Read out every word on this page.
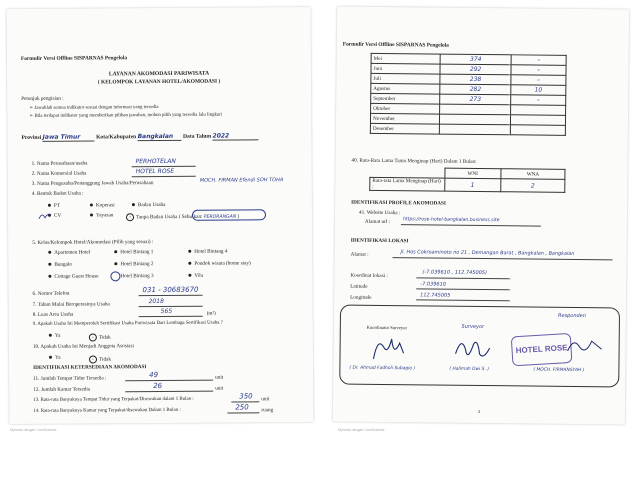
Formulir Versi Offline SISPARNAS Pengelola
LAYANAN AKOMODASI PARIWISATA
( KELOMPOK LAYANAN HOTEL/AKOMODASI )
Petunjuk pengisian :
➢ Jawablah semua indikator sesuai dengan informasi yang tersedia
➢ Bila terdapat indikator yang memberikan pilihan jawaban, mohon pilih yang tersedia lalu lingkari
Provinsi Jawa Timur	Kota/Kabupaten Bangkalan Data Tahun 2022
1. Nama Perusahaan/usaha	PERHOTELAN
2. Nama Komersial Usaha	HOTEL ROSE
3. Nama Pengusaha/Penanggung Jawab Usaha/Perusahaan	MOCH. FIRMAN Efendi SOH TOHA
4. Bentuk Badan Usaha :
PT	Koperasi	Badan Usaha
CV	Yayasan	• Tanpa Badan Usaha ( Sebutkan: PERORANGAN )
5. Kelas/Kelompok Hotel/Akomodasi (Pilih yang sesuai) :
Apartemen Hotel	Hotel Bintang 1	Hotel Bintang 4
Bungalo	Hotel Bintang 2	Pondok wisata (home stay)
Cottage Guest House	Hotel Bintang 3	Vila
6. Nomor Telefon	031 - 30683670
7. Tahun Mulai Beroperasinya Usaha	2018
8. Luas Area Usaha	565	(m²)
9. Apakah Usaha Ini Memperoleh Sertifikasi Usaha Pariwisata Dari Lembaga Sertifikasi Usaha ?
Ya	• Tidak
10. Apakah Usaha Ini Menjadi Anggota Asosiasi
Ya	• Tidak
IDENTIFIKASI KETERSEDIAAN AKOMODASI
11. Jumlah Tempat Tidur Tersedia :	49	unit
12. Jumlah Kamar Tersedia	26	unit
13. Rata-rata Banyaknya Tempat Tidur yang Terpakai/Disewakan dalam 1 Bulan :	350 unit
14. Rata-rata Banyaknya Kamar yang Terpakai/disewakan Dalam 1 Bulan :	250 ruang
Dipindai dengan CamScanner
Formulir Versi Offline SISPARNAS Pengelola
Mei	374	–
Juni	292	–
Juli	238	–
Agustus	282	10
September	273	–
Oktober		
November		
Desember		
40. Rata-Rata Lama Tamu Menginap (Hari) Dalam 1 Bulan:
	WNI	WNA
Rata-rata Lama Menginap (Hari) :	1	2
IDENTIFIKASI PROFILE AKOMODASI
41. Website Usaha :
Alamat url :	https://rose-hotel-bangkalan.business.site
IDENTIFIKASI LOKASI
Alamat :	Jl. Hos Cokroaminoto no 21 , Demangan Barat , Bangkalan , Bangkalan
Koordinat lokasi :	(-7.039610 , 112.745005)
Latitude	-7.039610
Longitude	112.745005
Koordinator Surveyor	Surveyor
Responden
HOTEL ROSE
( Dr. Ahmad Fadholi Subagio )	( Halimah Dwi S. )	( MOCH. FIRMANSYAH )
3
Dipindai dengan CamScanner
